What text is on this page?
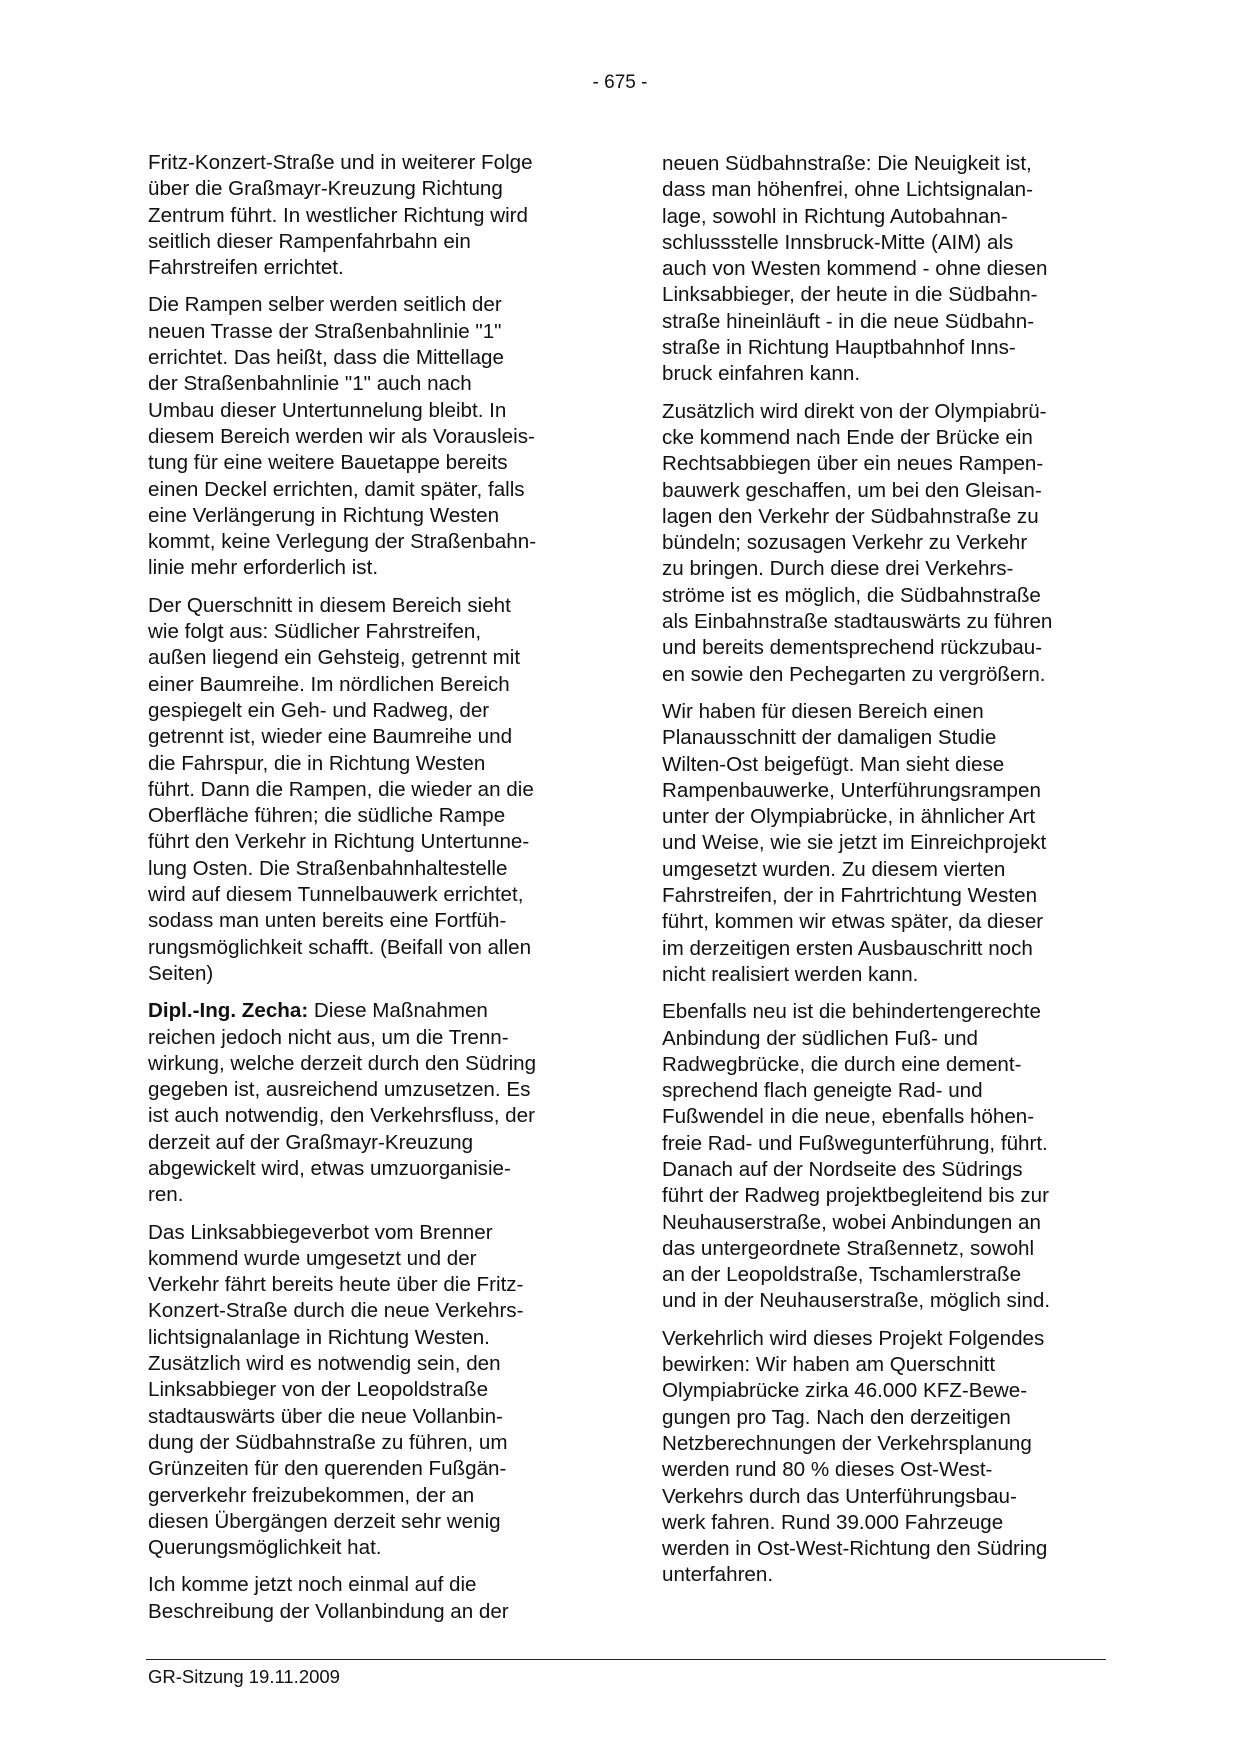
- 675 -
Fritz-Konzert-Straße und in weiterer Folge
über die Graßmayr-Kreuzung Richtung
Zentrum führt. In westlicher Richtung wird
seitlich dieser Rampenfahrbahn ein
Fahrstreifen errichtet.
Die Rampen selber werden seitlich der
neuen Trasse der Straßenbahnlinie "1"
errichtet. Das heißt, dass die Mittellage
der Straßenbahnlinie "1" auch nach
Umbau dieser Untertunnelung bleibt. In
diesem Bereich werden wir als Vorausleis-
tung für eine weitere Bauetappe bereits
einen Deckel errichten, damit später, falls
eine Verlängerung in Richtung Westen
kommt, keine Verlegung der Straßenbahn-
linie mehr erforderlich ist.
Der Querschnitt in diesem Bereich sieht
wie folgt aus: Südlicher Fahrstreifen,
außen liegend ein Gehsteig, getrennt mit
einer Baumreihe. Im nördlichen Bereich
gespiegelt ein Geh- und Radweg, der
getrennt ist, wieder eine Baumreihe und
die Fahrspur, die in Richtung Westen
führt. Dann die Rampen, die wieder an die
Oberfläche führen; die südliche Rampe
führt den Verkehr in Richtung Untertunne-
lung Osten. Die Straßenbahnhaltestelle
wird auf diesem Tunnelbauwerk errichtet,
sodass man unten bereits eine Fortfüh-
rungsmöglichkeit schafft. (Beifall von allen
Seiten)
Dipl.-Ing. Zecha: Diese Maßnahmen
reichen jedoch nicht aus, um die Trenn-
wirkung, welche derzeit durch den Südring
gegeben ist, ausreichend umzusetzen. Es
ist auch notwendig, den Verkehrsfluss, der
derzeit auf der Graßmayr-Kreuzung
abgewickelt wird, etwas umzuorganisie-
ren.
Das Linksabbiegeverbot vom Brenner
kommend wurde umgesetzt und der
Verkehr fährt bereits heute über die Fritz-
Konzert-Straße durch die neue Verkehrs-
lichtsignalanlage in Richtung Westen.
Zusätzlich wird es notwendig sein, den
Linksabbieger von der Leopoldstraße
stadtauswärts über die neue Vollanbin-
dung der Südbahnstraße zu führen, um
Grünzeiten für den querenden Fußgän-
gerverkehr freizubekommen, der an
diesen Übergängen derzeit sehr wenig
Querungsmöglichkeit hat.
Ich komme jetzt noch einmal auf die
Beschreibung der Vollanbindung an der
neuen Südbahnstraße: Die Neuigkeit ist,
dass man höhenfrei, ohne Lichtsignalan-
lage, sowohl in Richtung Autobahnan-
schlussstelle Innsbruck-Mitte (AIM) als
auch von Westen kommend - ohne diesen
Linksabbieger, der heute in die Südbahn-
straße hineinläuft - in die neue Südbahn-
straße in Richtung Hauptbahnhof Inns-
bruck einfahren kann.
Zusätzlich wird direkt von der Olympiabrü-
cke kommend nach Ende der Brücke ein
Rechtsabbiegen über ein neues Rampen-
bauwerk geschaffen, um bei den Gleisan-
lagen den Verkehr der Südbahnstraße zu
bündeln; sozusagen Verkehr zu Verkehr
zu bringen. Durch diese drei Verkehrs-
ströme ist es möglich, die Südbahnstraße
als Einbahnstraße stadtauswärts zu führen
und bereits dementsprechend rückzubau-
en sowie den Pechegarten zu vergrößern.
Wir haben für diesen Bereich einen
Planausschnitt der damaligen Studie
Wilten-Ost beigefügt. Man sieht diese
Rampenbauwerke, Unterführungsrampen
unter der Olympiabrücke, in ähnlicher Art
und Weise, wie sie jetzt im Einreichprojekt
umgesetzt wurden. Zu diesem vierten
Fahrstreifen, der in Fahrtrichtung Westen
führt, kommen wir etwas später, da dieser
im derzeitigen ersten Ausbauschritt noch
nicht realisiert werden kann.
Ebenfalls neu ist die behindertengerechte
Anbindung der südlichen Fuß- und
Radwegbrücke, die durch eine dement-
sprechend flach geneigte Rad- und
Fußwendel in die neue, ebenfalls höhen-
freie Rad- und Fußwegunterführung, führt.
Danach auf der Nordseite des Südrings
führt der Radweg projektbegleitend bis zur
Neuhauserstraße, wobei Anbindungen an
das untergeordnete Straßennetz, sowohl
an der Leopoldstraße, Tschamlerstraße
und in der Neuhauserstraße, möglich sind.
Verkehrlich wird dieses Projekt Folgendes
bewirken: Wir haben am Querschnitt
Olympiabrücke zirka 46.000 KFZ-Bewe-
gungen pro Tag. Nach den derzeitigen
Netzberechnungen der Verkehrsplanung
werden rund 80 % dieses Ost-West-
Verkehrs durch das Unterführungsbau-
werk fahren. Rund 39.000 Fahrzeuge
werden in Ost-West-Richtung den Südring
unterfahren.
GR-Sitzung 19.11.2009
